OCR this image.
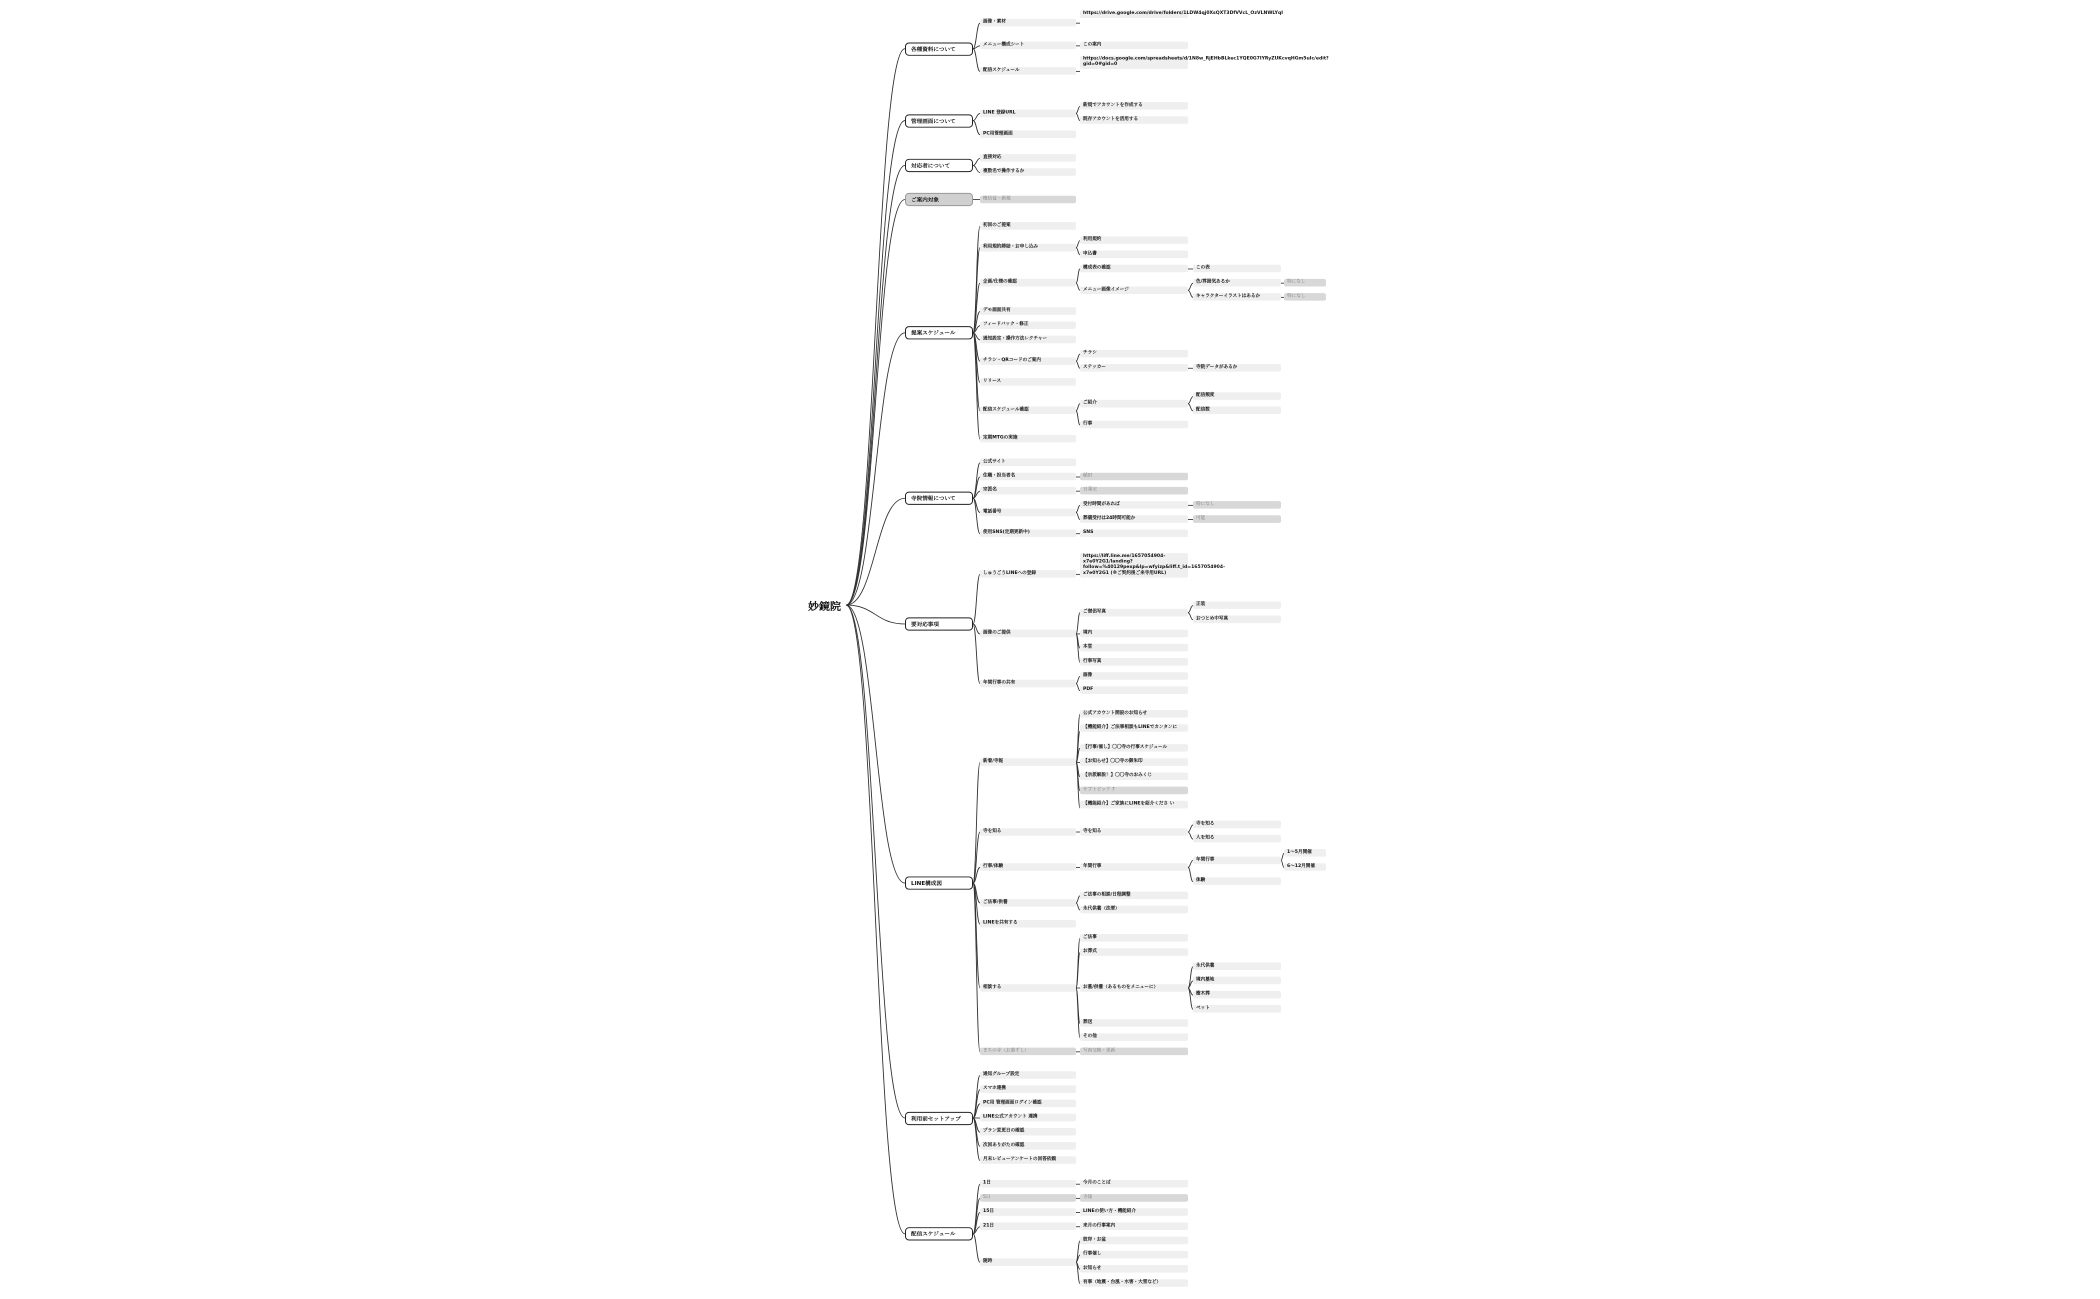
妙鏡院
各種資料について
画像・素材
https://drive.google.com/drive/folders/1LDW4qj0XsQXT3DfVVcL_OzVLNWLYqI
メニュー構成シート	この案内
配信スケジュール
https://docs.google.com/spreadsheets/d/1N8w_RjEHbBLkec1YQE0G7IYRyZUKcvqHGm5uIc/edit?gid=0#gid=0
管理画面について
LINE 登録URL
新規でアカウントを作成する
既存アカウントを活用する
PC用管理画面
対応者について
直接対応
複数名で操作するか
ご案内対象	檀信徒・新規
提案スケジュール
初回のご提案
利用規約締結・お申し込み
利用規約
申込書
企画/仕様の確認
構成表の確認	この表
メニュー画像イメージ
色/雰囲気あるか	特になし
キャラクターイラストはあるか	特になし
デモ画面共有
フィードバック・修正
通知設定・操作方法レクチャー
チラシ・QRコードのご案内
チラシ
ステッカー	寺院データがあるか
リリース
配信スケジュール確認
ご紹介
配信頻度
配信数
行事
定期MTGの実施
寺院情報について
公式サイト
住職・担当者名	稲田
宗派名	日蓮宗
電話番号
受付時間があれば	特になし
葬儀受付は24時間可能か	可能
使用SNS(定期更新中)	SNS
要対応事項
しゅうごうLINEへの登録
https://liff.line.me/1657054904-x7e0Y2G1/landing?follow=%40129pexp&lp=wfyizp&liff.t_id=1657054904-x7e0Y2G1 (※ご契約後ご来寺用URL)
画像のご提供
ご僧侶写真
正装
おつとめ中写真
境内
本堂
行事写真
年間行事の共有
画像
PDF
LINE構成図
新着/寺報
公式アカウント開設のお知らせ
【機能紹介】ご法事相談もLINEでカンタンに
【行事/催し】〇〇寺の行事スケジュール
【お知らせ】〇〇寺の御朱印
【宗派解説！】〇〇寺のおみくじ
サブトピック 7
【機能紹介】ご家族にLINEを紹介くださ い
寺を知る	寺を知る
寺を知る
人を知る
行事/体験	年間行事
年間行事
1〜5月開催
6〜12月開催
体験
ご法事/供養
ご法事の相談/日程調整
永代供養（法要）
LINEを共有する
相談する
ご法事
お葬式
お墓/供養（あるものをメニューに）
永代供養
境内墓地
樹木葬
ペット
葬送
その他
まちの寺（お墓ずし）	写真交換・更新
利用前セットアップ
通知グループ設定
スマホ連携
PC用 管理画面ログイン確認
LINE公式アカウント 連携
プラン変更日の確認
次回ありがたの確認
月末レビューアンケートの回答依頼
配信スケジュール
1日	今月のことば
5日	寺報
15日	LINEの使い方・機能紹介
21日	来月の行事案内
随時
彼岸・お盆
行事催し
お知らせ
有事（地震・台風・水害・大雪など）
